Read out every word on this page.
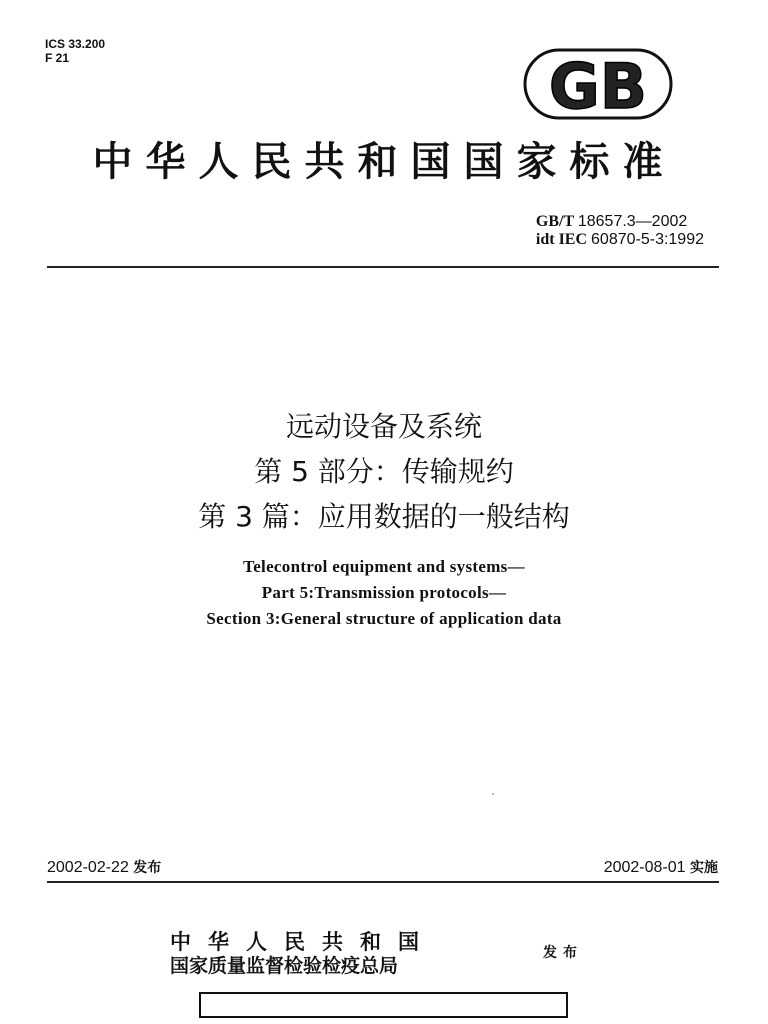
ICS 33.200
F 21	GB
中华人民共和国国家标准
GB/T 18657.3—2002
idt IEC 60870-5-3:1992
远动设备及系统
第 5 部分：传输规约
第 3 篇：应用数据的一般结构
Telecontrol equipment and systems—
Part 5:Transmission protocols—
Section 3:General structure of application data
2002-02-22 发布	2002-08-01 实施
中华人民共和国
国家质量监督检验检疫总局
发布
